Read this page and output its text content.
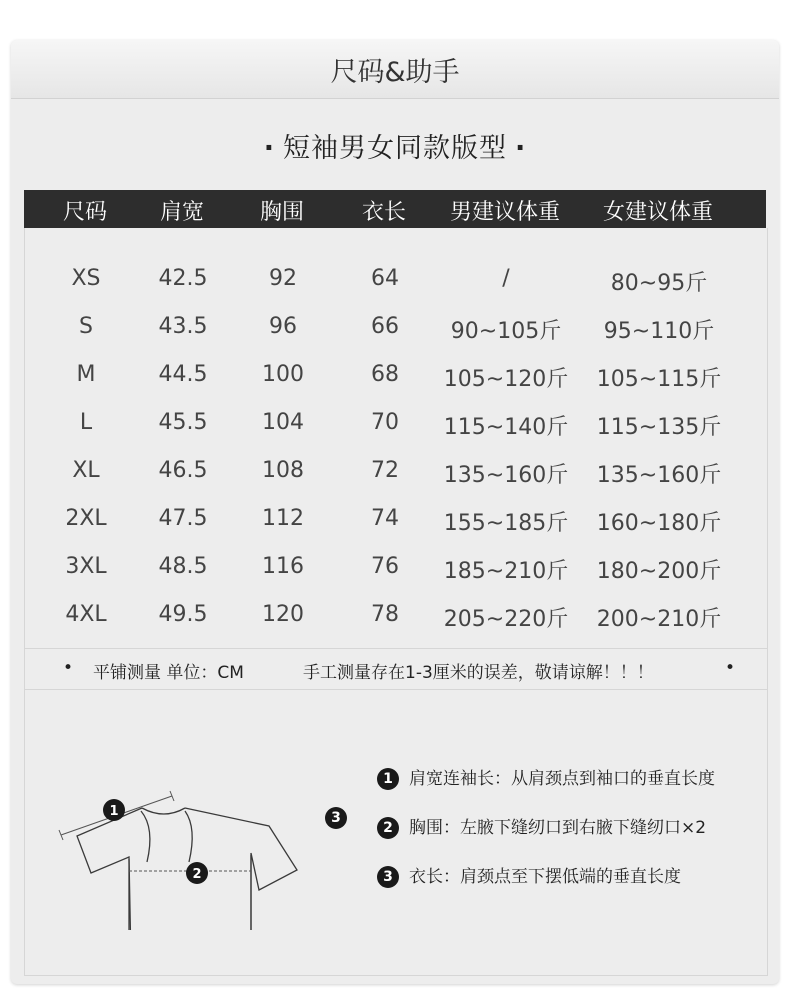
尺码&助手
· 短袖男女同款版型 ·
尺码 肩宽	胸围	衣长 男建议体重 女建议体重
XS	42.5	92	64	/	80~95斤
S	43.5	96	66 90~105斤 95~110斤
M	44.5 100	68 105~120斤 105~115斤
L	45.5 104	70 115~140斤 115~135斤
XL	46.5 108	72 135~160斤 135~160斤
2XL 47.5 112	74 155~185斤 160~180斤
3XL 48.5 116	76 185~210斤 180~200斤
4XL 49.5 120	78 205~220斤 200~210斤
• 平铺测量 单位：CM	手工测量存在1-3厘米的误差，敬请谅解！！！	•
1
2
3
1 肩宽连袖长：从肩颈点到袖口的垂直长度
2 胸围：左腋下缝纫口到右腋下缝纫口×2
3 衣长：肩颈点至下摆低端的垂直长度
